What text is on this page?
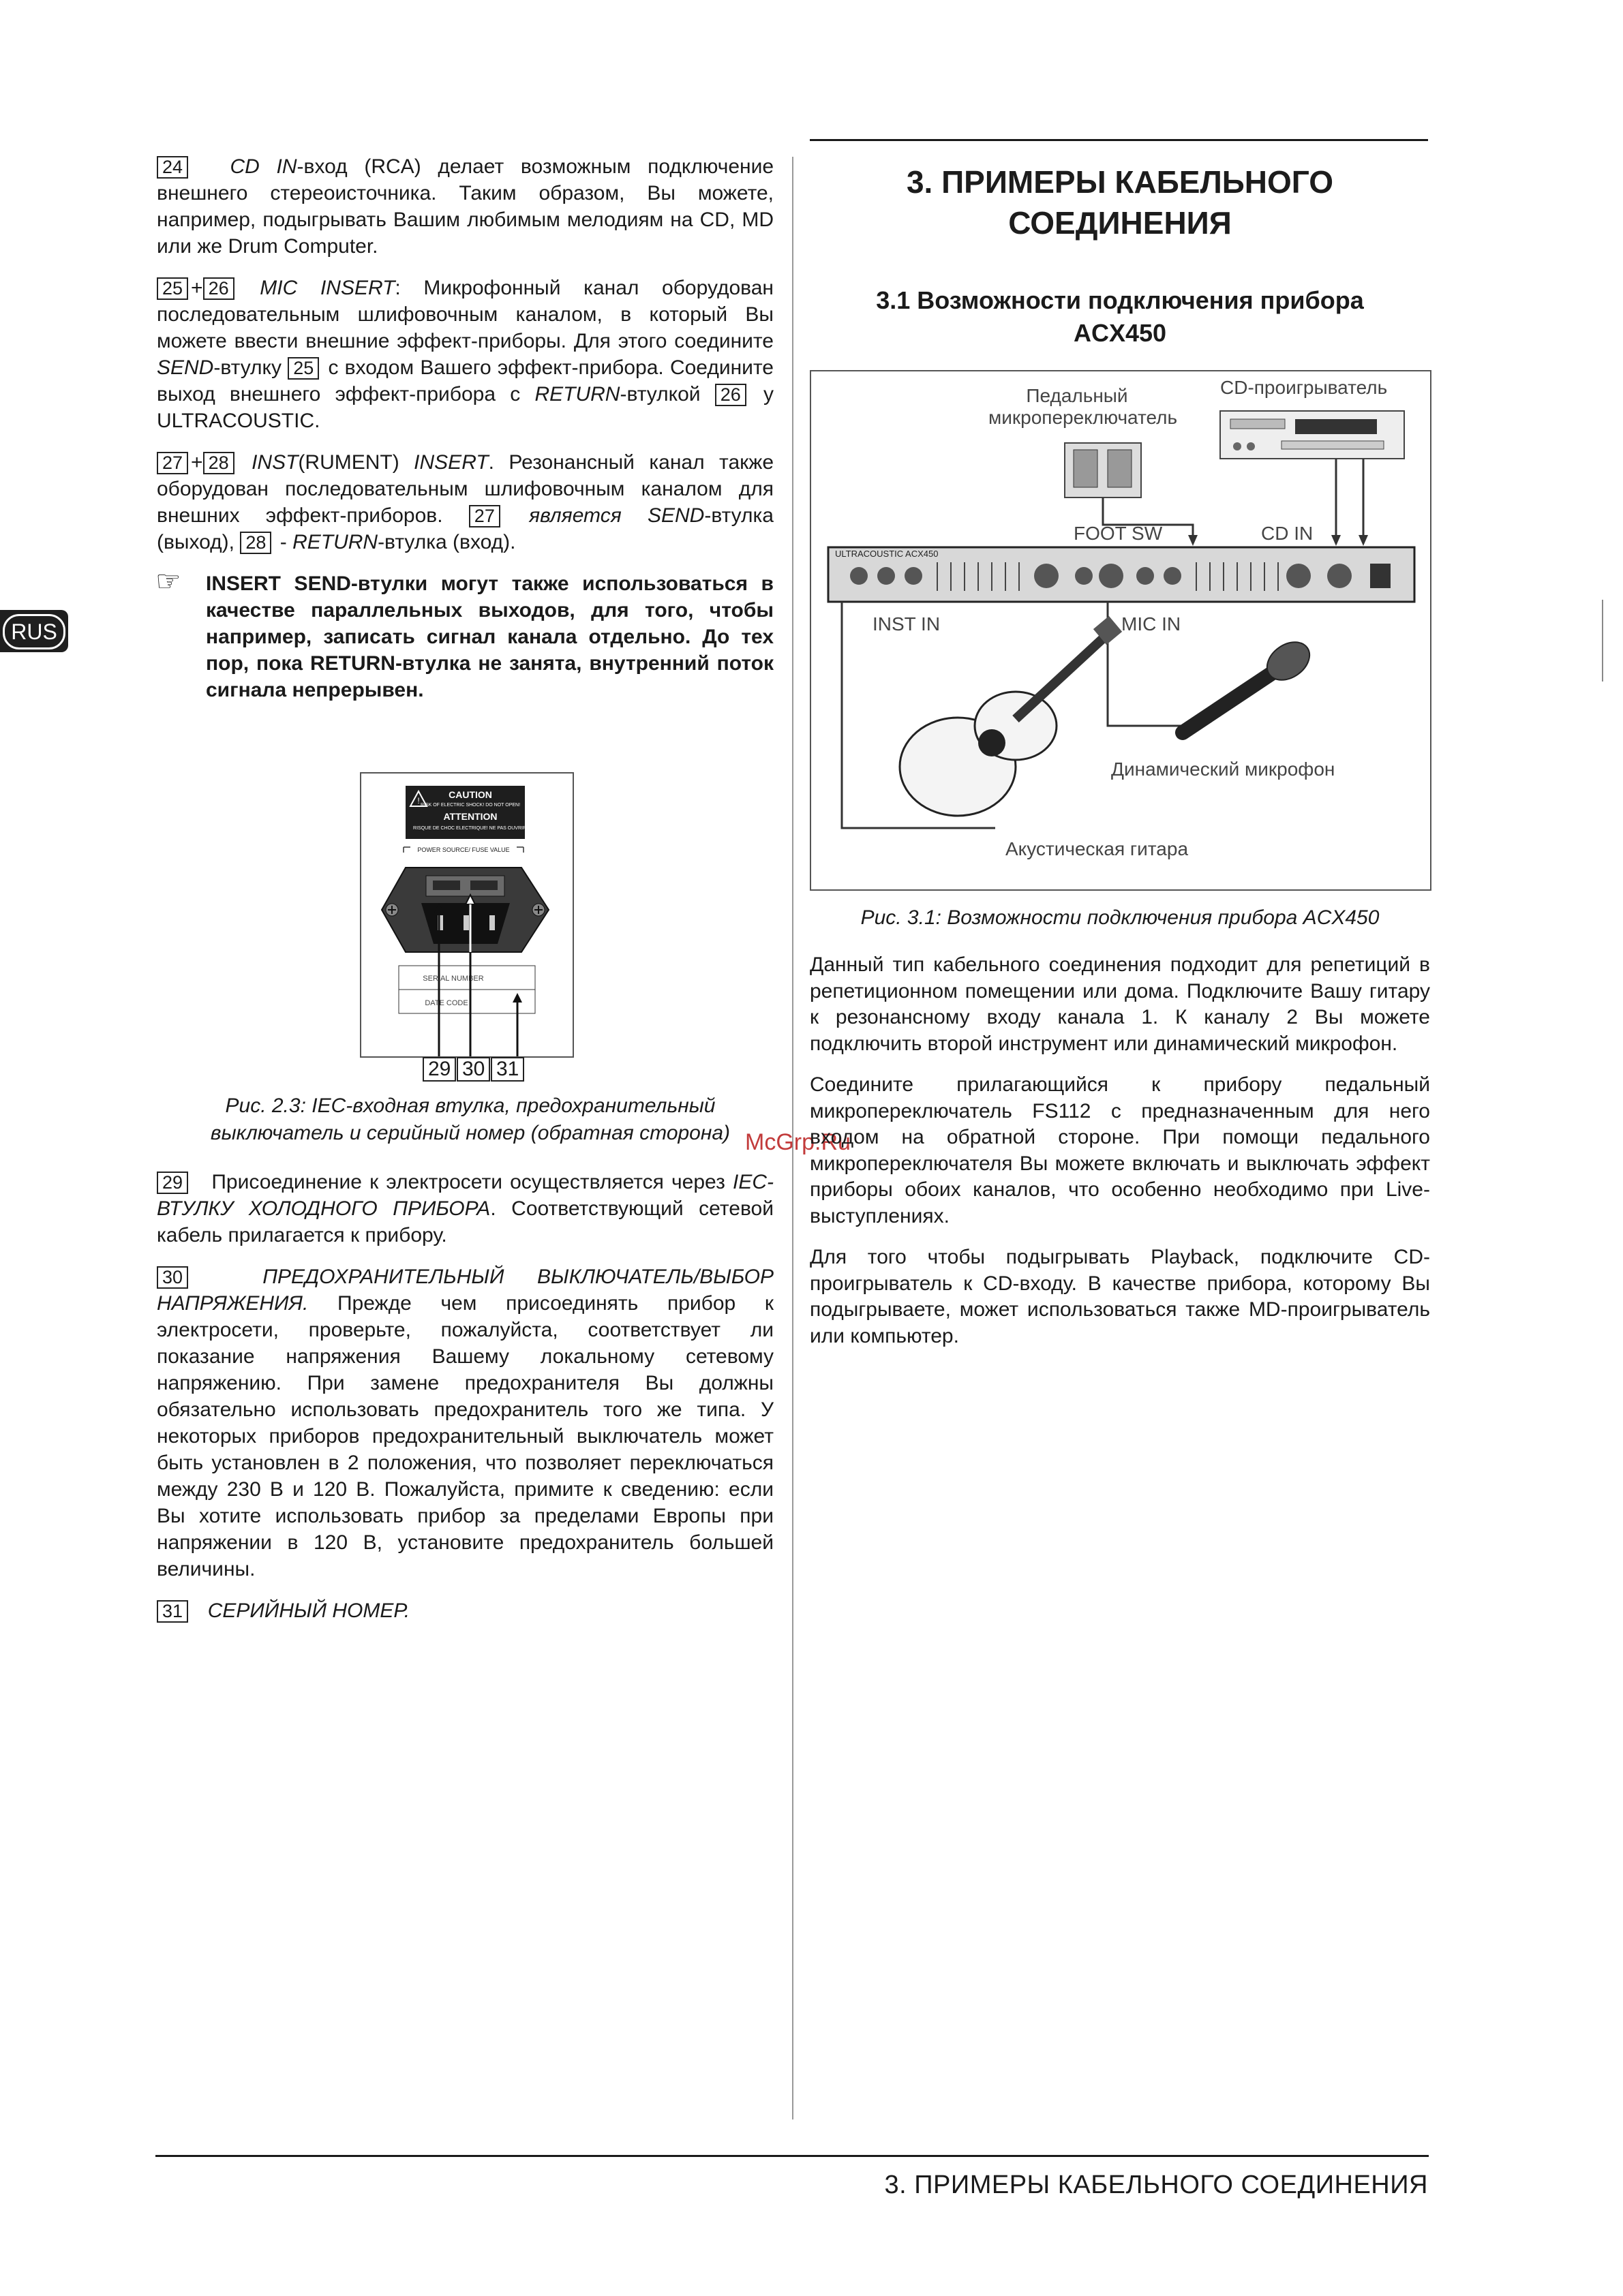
RUS
24 CD IN-вход (RCA) делает возможным подключение внешнего стереоисточника. Таким образом, Вы можете, например, подыгрывать Вашим любимым мелодиям на CD, MD или же Drum Computer.
25 + 26 MIC INSERT: Микрофонный канал оборудован последовательным шлифовочным каналом, в который Вы можете ввести внешние эффект-приборы. Для этого соедините SEND-втулку 25 с входом Вашего эффект-прибора. Соедините выход внешнего эффект-прибора с RETURN-втулкой 26 у ULTRACOUSTIC.
27 + 28 INST(RUMENT) INSERT. Резонансный канал также оборудован последовательным шлифовочным каналом для внешних эффект-приборов. 27 является SEND-втулка (выход), 28 - RETURN-втулка (вход).
☞ INSERT SEND-втулки могут также использоваться в качестве параллельных выходов, для того, чтобы например, записать сигнал канала отдельно. До тех пор, пока RETURN-втулка не занята, внутренний поток сигнала непрерывен.
!
CAUTION
RISK OF ELECTRIC SHOCK! DO NOT OPEN!
ATTENTION
RISQUE DE CHOC ELECTRIQUE! NE PAS OUVRIR!
POWER SOURCE/ FUSE VALUE
SERIAL NUMBER
DATE CODE
29 30 31
Рис. 2.3: IEC-входная втулка, предохранительный выключатель и серийный номер (обратная сторона) McGrp.Ru
29 Присоединение к электросети осуществляется через IEC-ВТУЛКУ ХОЛОДНОГО ПРИБОРА. Соответствующий сетевой кабель прилагается к прибору.
30	ПРЕДОХРАНИТЕЛЬНЫЙ ВЫКЛЮЧАТЕЛЬ/ВЫБОР НАПРЯЖЕНИЯ. Прежде чем присоединять прибор к электросети, проверьте, пожалуйста, соответствует ли показание напряжения Вашему локальному сетевому напряжению. При замене предохранителя Вы должны обязательно использовать предохранитель того же типа. У некоторых приборов предохранительный выключатель может быть установлен в 2 положения, что позволяет переключаться между 230 В и 120 В. Пожалуйста, примите к сведению: если Вы хотите использовать прибор за пределами Европы при напряжении в 120 В, установите предохранитель большей величины.
31 СЕРИЙНЫЙ НОМЕР.
3. ПРИМЕРЫ КАБЕЛЬНОГО СОЕДИНЕНИЯ
3.1 Возможности подключения прибора ACX450
ULTRACOUSTIC ACX450
Педальный микропереключатель
CD-проигрыватель
FOOT SW	CD IN
INST IN	MIC IN
Динамический микрофон
Акустическая гитара
Рис. 3.1: Возможности подключения прибора ACX450
Данный тип кабельного соединения подходит для репетиций в репетиционном помещении или дома. Подключите Вашу гитару к резонансному входу канала 1. К каналу 2 Вы можете подключить второй инструмент или динамический микрофон.
Соедините прилагающийся к прибору педальный микропереключатель FS112 с предназначенным для него входом на обратной стороне. При помощи педального микропереключателя Вы можете включать и выключать эффект приборы обоих каналов, что особенно необходимо при Live-выступлениях.
Для того чтобы подыгрывать Playback, подключите CD-проигрыватель к CD-входу. В качестве прибора, которому Вы подыгрываете, может использоваться также MD-проигрыватель или компьютер.
3. ПРИМЕРЫ КАБЕЛЬНОГО СОЕДИНЕНИЯ
